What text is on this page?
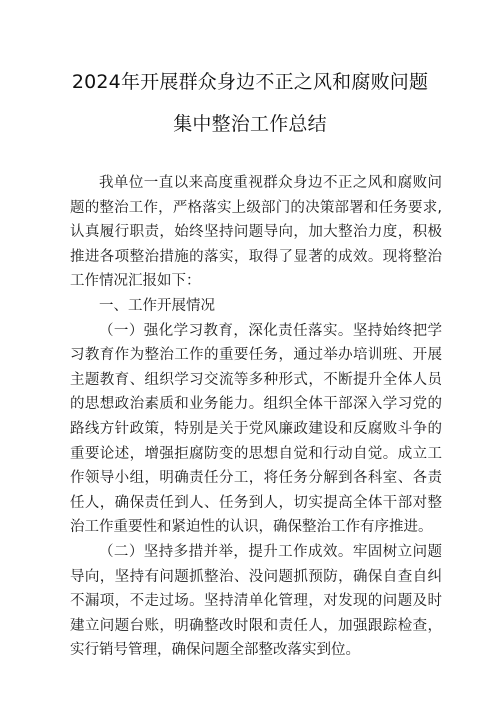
2024年开展群众身边不正之风和腐败问题
集中整治工作总结

我单位一直以来高度重视群众身边不正之风和腐败问题的整治工作，严格落实上级部门的决策部署和任务要求,认真履行职责，始终坚持问题导向，加大整治力度，积极推进各项整治措施的落实，取得了显著的成效。现将整治工作情况汇报如下：

一、工作开展情况

（一）强化学习教育，深化责任落实。坚持始终把学习教育作为整治工作的重要任务，通过举办培训班、开展主题教育、组织学习交流等多种形式，不断提升全体人员的思想政治素质和业务能力。组织全体干部深入学习党的路线方针政策，特别是关于党风廉政建设和反腐败斗争的重要论述，增强拒腐防变的思想自觉和行动自觉。成立工作领导小组，明确责任分工，将任务分解到各科室、各责任人，确保责任到人、任务到人，切实提高全体干部对整治工作重要性和紧迫性的认识，确保整治工作有序推进。

（二）坚持多措并举，提升工作成效。牢固树立问题导向，坚持有问题抓整治、没问题抓预防，确保自查自纠不漏项，不走过场。坚持清单化管理，对发现的问题及时建立问题台账，明确整改时限和责任人，加强跟踪检查，实行销号管理，确保问题全部整改落实到位。
